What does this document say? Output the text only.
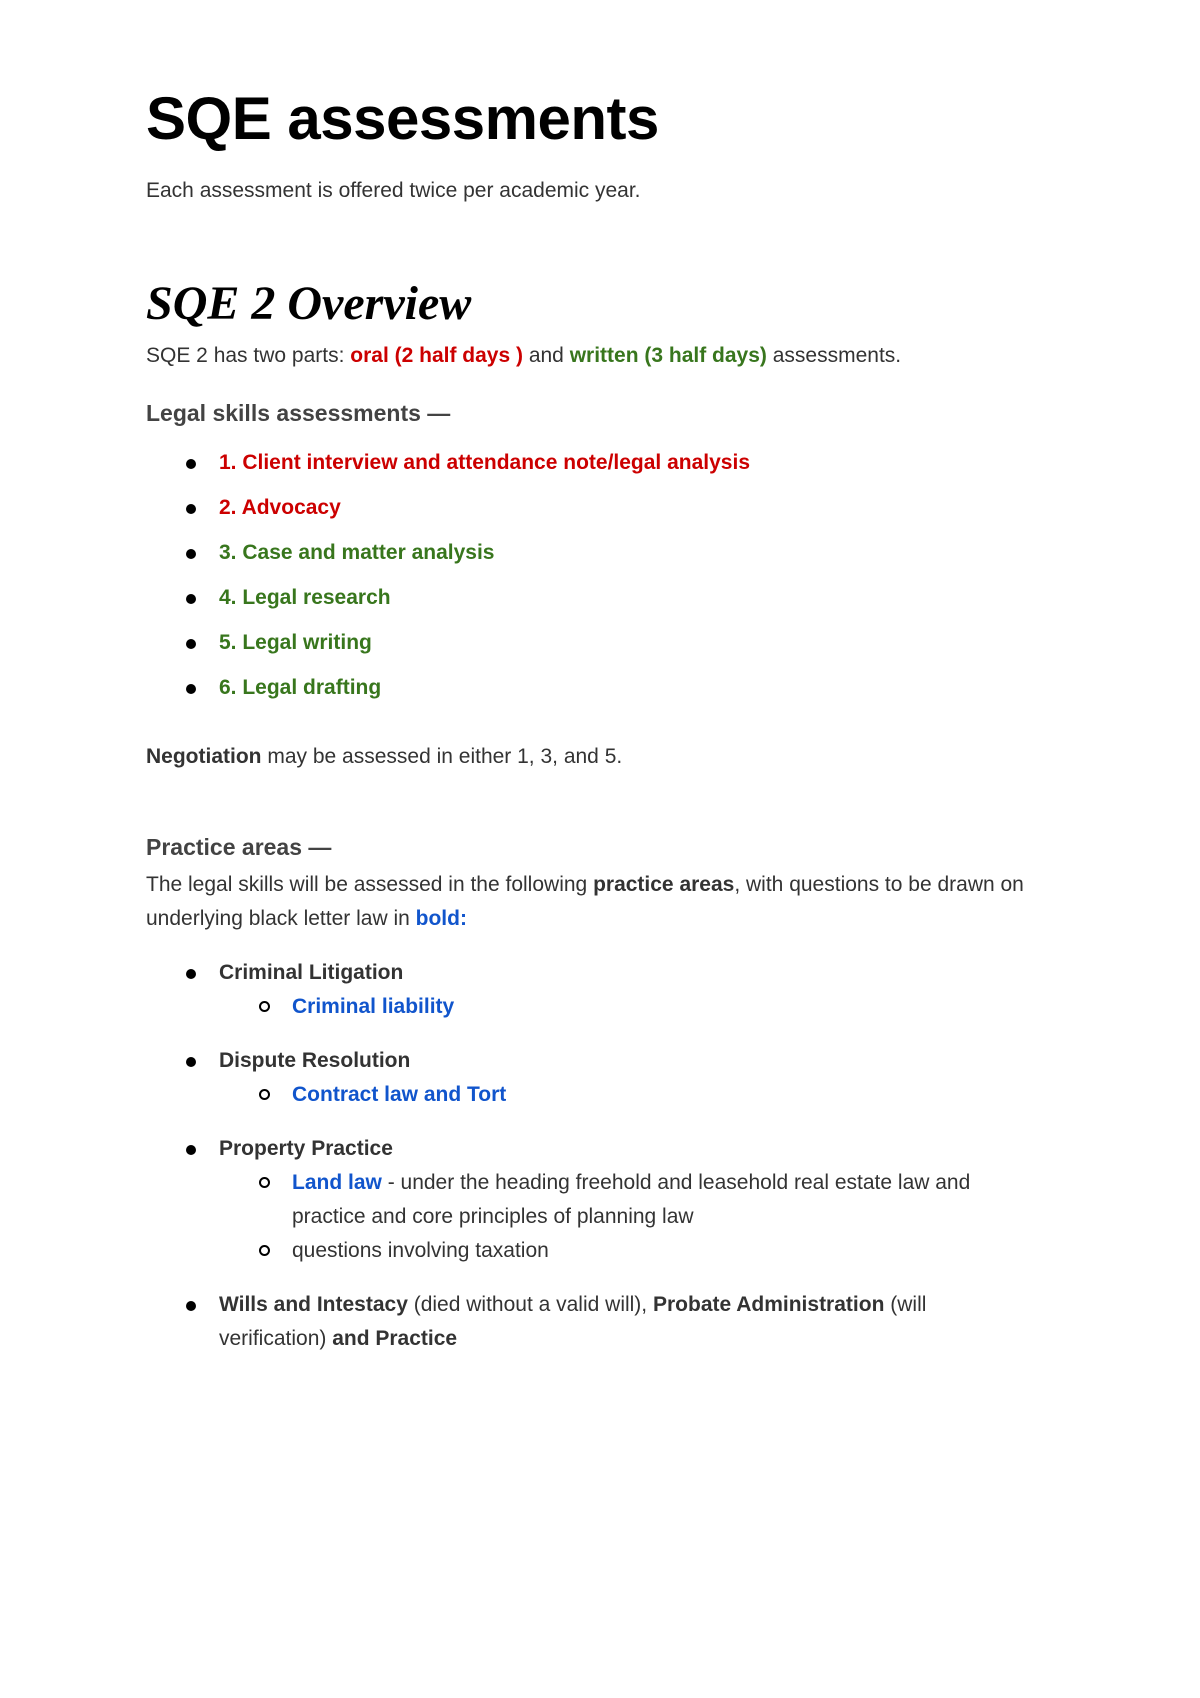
SQE assessments

Each assessment is offered twice per academic year.

SQE 2 Overview

SQE 2 has two parts: oral (2 half days ) and written (3 half days) assessments.

Legal skills assessments —
1. Client interview and attendance note/legal analysis
2. Advocacy
3. Case and matter analysis
4. Legal research
5. Legal writing
6. Legal drafting

Negotiation may be assessed in either 1, 3, and 5.

Practice areas —

The legal skills will be assessed in the following practice areas, with questions to be drawn on underlying black letter law in bold:

Criminal Litigation
Criminal liability
Dispute Resolution
Contract law and Tort
Property Practice
Land law - under the heading freehold and leasehold real estate law and practice and core principles of planning law
questions involving taxation
Wills and Intestacy (died without a valid will), Probate Administration (will verification) and Practice
